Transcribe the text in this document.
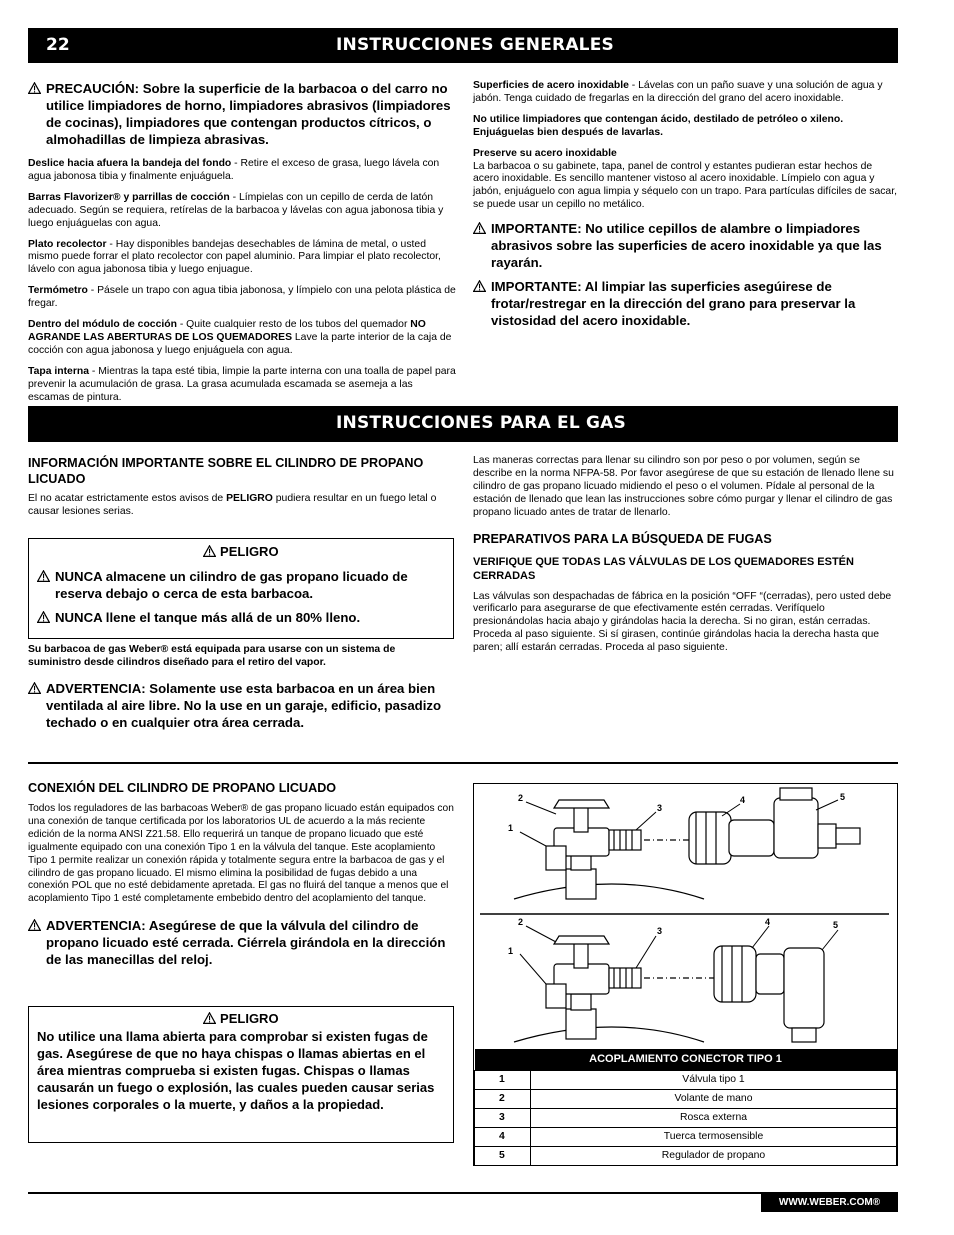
22	INSTRUCCIONES GENERALES
PRECAUCIÓN: Sobre la superficie de la barbacoa o del carro no utilice limpiadores de horno, limpiadores abrasivos (limpiadores de cocinas), limpiadores que contengan productos cítricos, o almohadillas de limpieza abrasivas.

Deslice hacia afuera la bandeja del fondo - Retire el exceso de grasa, luego lávela con agua jabonosa tibia y finalmente enjuáguela.

Barras Flavorizer® y parrillas de cocción - Límpielas con un cepillo de cerda de latón adecuado. Según se requiera, retírelas de la barbacoa y lávelas con agua jabonosa tibia y luego enjuáguelas con agua.

Plato recolector - Hay disponibles bandejas desechables de lámina de metal, o usted mismo puede forrar el plato recolector con papel aluminio. Para limpiar el plato recolector, lávelo con agua jabonosa tibia y luego enjuague.

Termómetro - Pásele un trapo con agua tibia jabonosa, y límpielo con una pelota plástica de fregar.

Dentro del módulo de cocción - Quite cualquier resto de los tubos del quemador NO AGRANDE LAS ABERTURAS DE LOS QUEMADORES Lave la parte interior de la caja de cocción con agua jabonosa y luego enjuáguela con agua.

Tapa interna - Mientras la tapa esté tibia, limpie la parte interna con una toalla de papel para prevenir la acumulación de grasa. La grasa acumulada escamada se asemeja a las escamas de pintura.

Superficies de acero inoxidable - Lávelas con un paño suave y una solución de agua y jabón. Tenga cuidado de fregarlas en la dirección del grano del acero inoxidable.

No utilice limpiadores que contengan ácido, destilado de petróleo o xileno. Enjuáguelas bien después de lavarlas.

Preserve su acero inoxidable
La barbacoa o su gabinete, tapa, panel de control y estantes pudieran estar hechos de acero inoxidable. Es sencillo mantener vistoso al acero inoxidable. Límpielo con agua y jabón, enjuáguelo con agua limpia y séquelo con un trapo. Para partículas difíciles de sacar, se puede usar un cepillo no metálico.

IMPORTANTE: No utilice cepillos de alambre o limpiadores abrasivos sobre las superficies de acero inoxidable ya que las rayarán.
IMPORTANTE: Al limpiar las superficies asegúirese de frotar/restregar en la dirección del grano para preservar la vistosidad del acero inoxidable.
INSTRUCCIONES PARA EL GAS
INFORMACIÓN IMPORTANTE SOBRE EL CILINDRO DE PROPANO LICUADO
El no acatar estrictamente estos avisos de PELIGRO pudiera resultar en un fuego letal o causar lesiones serias.
PELIGRO
NUNCA almacene un cilindro de gas propano licuado de reserva debajo o cerca de esta barbacoa.
NUNCA llene el tanque más allá de un 80% lleno.
Su barbacoa de gas Weber® está equipada para usarse con un sistema de suministro desde cilindros diseñado para el retiro del vapor.
ADVERTENCIA: Solamente use esta barbacoa en un área bien ventilada al aire libre. No la use en un garaje, edificio, pasadizo techado o en cualquier otra área cerrada.
Las maneras correctas para llenar su cilindro son por peso o por volumen, según se describe en la norma NFPA-58. Por favor asegúrese de que su estación de llenado llene su cilindro de gas propano licuado midiendo el peso o el volumen. Pídale al personal de la estación de llenado que lean las instrucciones sobre cómo purgar y llenar el cilindro de gas propano licuado antes de tratar de llenarlo.
PREPARATIVOS PARA LA BÚSQUEDA DE FUGAS
VERIFIQUE QUE TODAS LAS VÁLVULAS DE LOS QUEMADORES ESTÉN CERRADAS
Las válvulas son despachadas de fábrica en la posición “OFF “(cerradas), pero usted debe verificarlo para asegurarse de que efectivamente estén cerradas. Verifíquelo presionándolas hacia abajo y girándolas hacia la derecha. Si no giran, están cerradas. Proceda al paso siguiente. Si sí girasen, continúe girándolas hacia la derecha hasta que paren; allí estarán cerradas. Proceda al paso siguiente.
CONEXIÓN DEL CILINDRO DE PROPANO LICUADO
Todos los reguladores de las barbacoas Weber® de gas propano licuado están equipados con una conexión de tanque certificada por los laboratorios UL de acuerdo a la más reciente edición de la norma ANSI Z21.58. Ello requerirá un tanque de propano licuado que esté igualmente equipado con una conexión Tipo 1 en la válvula del tanque. Este acoplamiento Tipo 1 permite realizar un conexión rápida y totalmente segura entre la barbacoa de gas y el cilindro de gas propano licuado. El mismo elimina la posibilidad de fugas debido a una conexión POL que no esté debidamente apretada. El gas no fluirá del tanque a menos que el acoplamiento Tipo 1 esté completamente embebido dentro del acoplamiento del tanque.
ADVERTENCIA: Asegúrese de que la válvula del cilindro de propano licuado esté cerrada. Ciérrela girándola en la dirección de las manecillas del reloj.
PELIGRO
No utilice una llama abierta para comprobar si existen fugas de gas. Asegúrese de que no haya chispas o llamas abiertas en el área mientras comprueba si existen fugas. Chispas o llamas causarán un fuego o explosión, las cuales pueden causar serias lesiones corporales o la muerte, y daños a la propiedad.
2
1
3
4	5
2
1
3
4	5
ACOPLAMIENTO CONECTOR TIPO 1	
1	Válvula tipo 1
2	Volante de mano
3	Rosca externa
4	Tuerca termosensible
5	Regulador de propano
WWW.WEBER.COM®
